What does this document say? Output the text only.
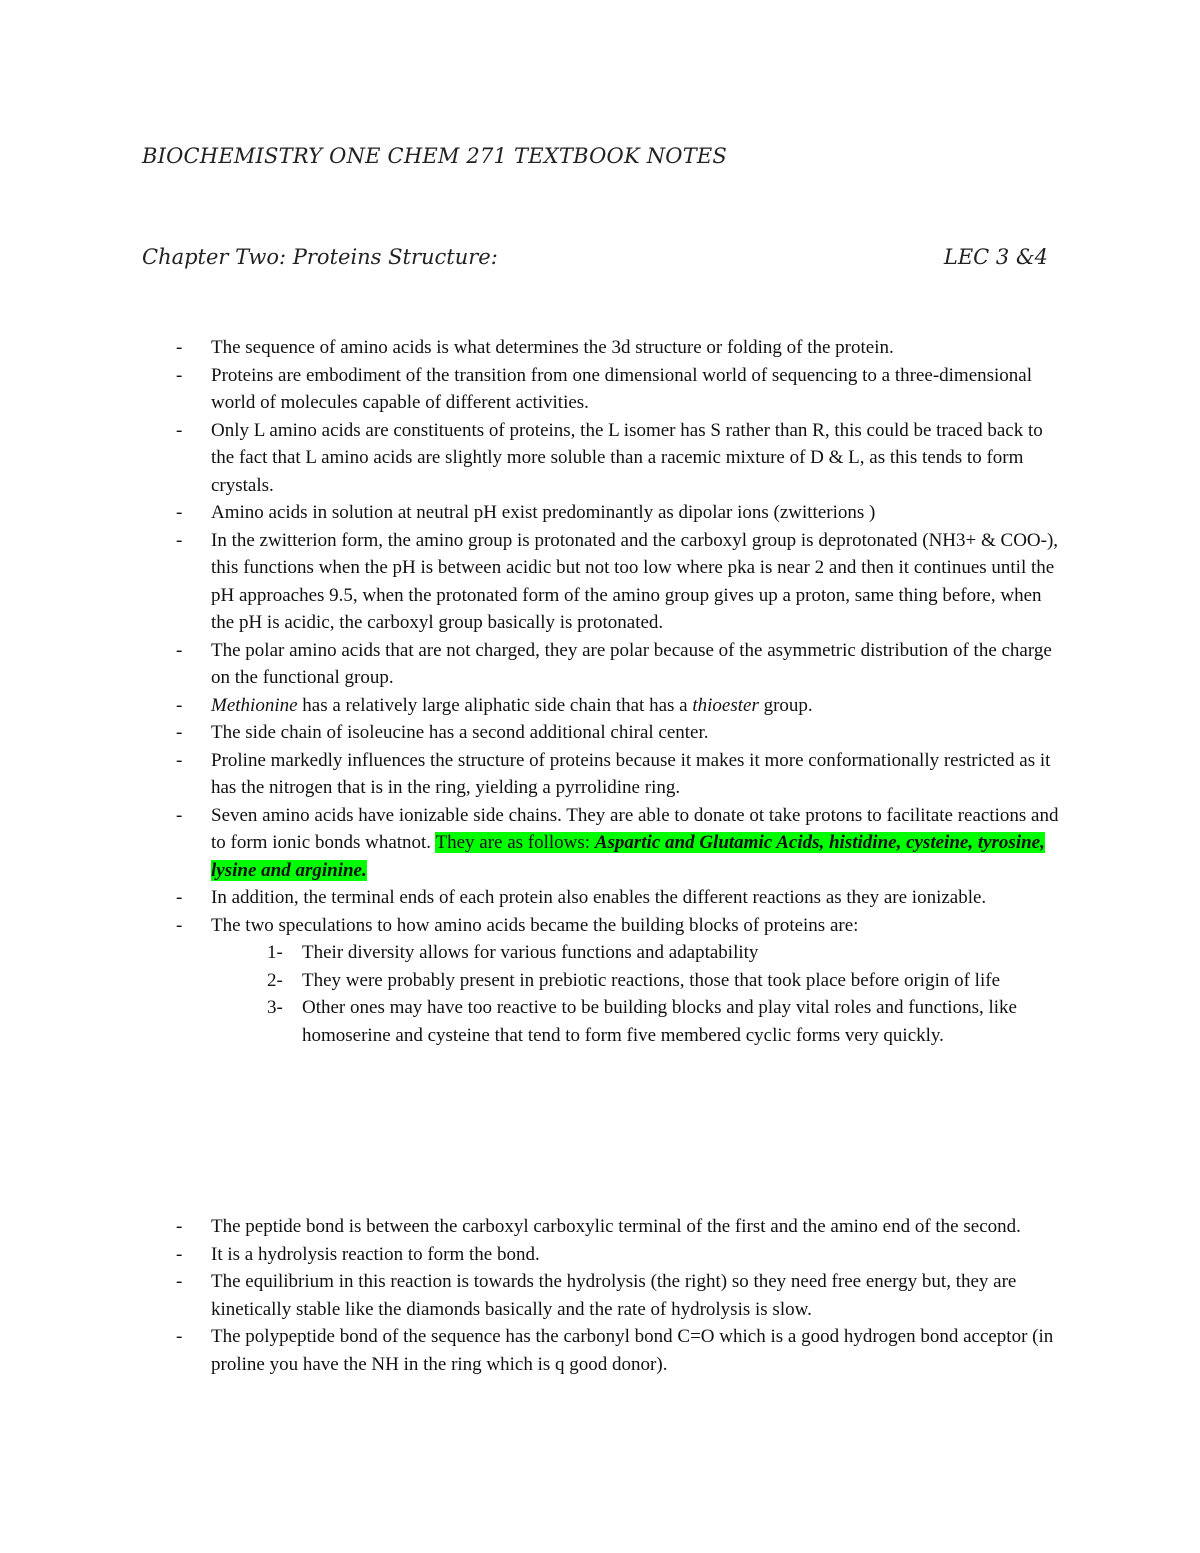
BIOCHEMISTRY ONE CHEM 271 TEXTBOOK NOTES
Chapter Two: Proteins Structure:	LEC 3 &4
- The sequence of amino acids is what determines the 3d structure or folding of the protein.
- Proteins are embodiment of the transition from one dimensional world of sequencing to a three-dimensional world of molecules capable of different activities.
- Only L amino acids are constituents of proteins, the L isomer has S rather than R, this could be traced back to the fact that L amino acids are slightly more soluble than a racemic mixture of D & L, as this tends to form crystals.
- Amino acids in solution at neutral pH exist predominantly as dipolar ions (zwitterions )
- In the zwitterion form, the amino group is protonated and the carboxyl group is deprotonated (NH3+ & COO-), this functions when the pH is between acidic but not too low where pka is near 2 and then it continues until the pH approaches 9.5, when the protonated form of the amino group gives up a proton, same thing before, when the pH is acidic, the carboxyl group basically is protonated.
- The polar amino acids that are not charged, they are polar because of the asymmetric distribution of the charge on the functional group.
- Methionine has a relatively large aliphatic side chain that has a thioester group.
- The side chain of isoleucine has a second additional chiral center.
- Proline markedly influences the structure of proteins because it makes it more conformationally restricted as it has the nitrogen that is in the ring, yielding a pyrrolidine ring.
- Seven amino acids have ionizable side chains. They are able to donate ot take protons to facilitate reactions and to form ionic bonds whatnot. They are as follows: Aspartic and Glutamic Acids, histidine, cysteine, tyrosine, lysine and arginine.
- In addition, the terminal ends of each protein also enables the different reactions as they are ionizable.
- The two speculations to how amino acids became the building blocks of proteins are:
1- Their diversity allows for various functions and adaptability
2- They were probably present in prebiotic reactions, those that took place before origin of life
3- Other ones may have too reactive to be building blocks and play vital roles and functions, like homoserine and cysteine that tend to form five membered cyclic forms very quickly.
- The peptide bond is between the carboxyl carboxylic terminal of the first and the amino end of the second.
- It is a hydrolysis reaction to form the bond.
- The equilibrium in this reaction is towards the hydrolysis (the right) so they need free energy but, they are kinetically stable like the diamonds basically and the rate of hydrolysis is slow.
- The polypeptide bond of the sequence has the carbonyl bond C=O which is a good hydrogen bond acceptor (in proline you have the NH in the ring which is q good donor).
